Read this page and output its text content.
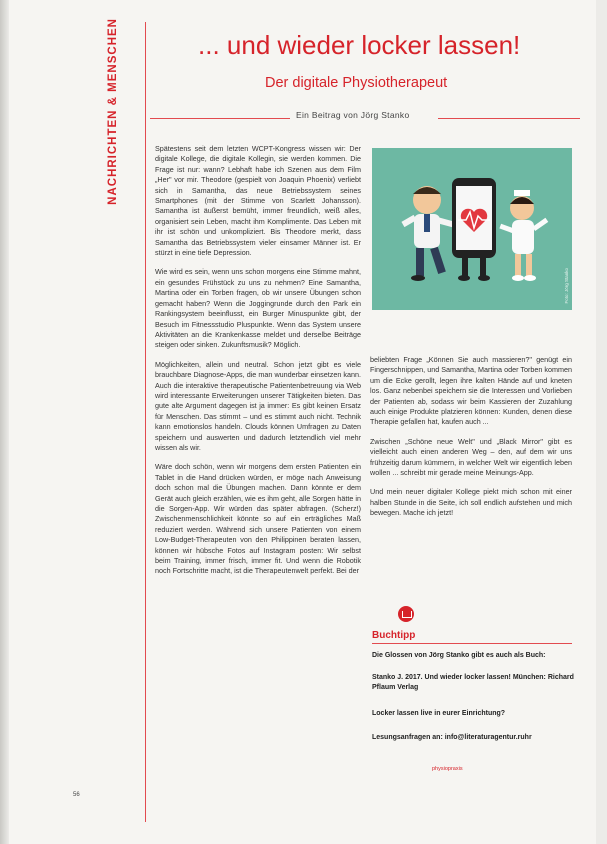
NACHRICHTEN & MENSCHEN	... und wieder locker lassen!
Der digitale Physiotherapeut
Ein Beitrag von Jörg Stanko

Spätestens seit dem letzten WCPT-Kongress wissen wir: Der digitale Kollege, die digitale Kollegin, sie werden kommen. Die Frage ist nur: wann? Lebhaft habe ich Szenen aus dem Film „Her" vor mir. Theodore (gespielt von Joaquin Phoenix) verliebt sich in Samantha, das neue Betriebssystem seines Smartphones (mit der Stimme von Scarlett Johansson). Samantha ist äußerst bemüht, immer freundlich, weiß alles, organisiert sein Leben, macht ihm Komplimente. Das Leben mit ihr ist schön und unkompliziert. Bis Theodore merkt, dass Samantha das Betriebssystem vieler einsamer Männer ist. Er stürzt in eine tiefe Depression.

Wie wird es sein, wenn uns schon morgens eine Stimme mahnt, ein gesundes Frühstück zu uns zu nehmen? Eine Samantha, Martina oder ein Torben fragen, ob wir unsere Übungen schon gemacht haben? Wenn die Joggingrunde durch den Park ein Rankingsystem beeinflusst, ein Burger Minuspunkte gibt, der Besuch im Fitnessstudio Pluspunkte. Wenn das System unsere Aktivitäten an die Krankenkasse meldet und derselbe Beiträge steigen oder sinken. Zukunftsmusik? Möglich.

Möglichkeiten, allein und neutral. Schon jetzt gibt es viele brauchbare Diagnose-Apps, die man wunderbar einsetzen kann. Auch die interaktive therapeutische Patientenbetreuung via Web wird interessante Erweiterungen unserer Tätigkeiten bieten. Das gute alte Argument dagegen ist ja immer: Es gibt keinen Ersatz für Menschen. Das stimmt – und es stimmt auch nicht. Technik kann emotionslos handeln. Clouds können Umfragen zu Daten speichern und auswerten und dadurch letztendlich viel mehr wissen als wir.

Wäre doch schön, wenn wir morgens dem ersten Patienten ein Tablet in die Hand drücken würden, er möge nach Anweisung doch schon mal die Übungen machen. Dann könnte er dem Gerät auch gleich erzählen, wie es ihm geht, alle Sorgen hätte in die Sorgen-App. Wir würden das später abfragen. (Scherz!) Zwischenmenschlichkeit könnte so auf ein erträgliches Maß reduziert werden. Während sich unsere Patienten von einem Low-Budget-Therapeuten von den Philippinen beraten lassen, können wir hübsche Fotos auf Instagram posten: Wir selbst beim Training, immer frisch, immer fit. Und wenn die Robotik noch Fortschritte macht, ist die Therapeutenwelt perfekt. Bei der

Foto: Jörg Stanko

beliebten Frage „Können Sie auch massieren?" genügt ein Fingerschnippen, und Samantha, Martina oder Torben kommen um die Ecke gerollt, legen ihre kalten Hände auf und kneten los. Ganz nebenbei speichern sie die Interessen und Vorlieben der Patienten ab, sodass wir beim Kassieren der Zuzahlung auch einige Produkte platzieren können: Kunden, denen diese Therapie gefallen hat, kaufen auch ...

Zwischen „Schöne neue Welt" und „Black Mirror" gibt es vielleicht auch einen anderen Weg – den, auf dem wir uns frühzeitig darum kümmern, in welcher Welt wir eigentlich leben wollen ... schreibt mir gerade meine Meinungs-App.

Und mein neuer digitaler Kollege piekt mich schon mit einer halben Stunde in die Seite, ich soll endlich aufstehen und mich bewegen. Mache ich jetzt!

Buchtipp
Die Glossen von Jörg Stanko gibt es auch als Buch:
Stanko J. 2017. Und wieder locker lassen! München: Richard Pflaum Verlag
Locker lassen live in eurer Einrichtung?
Lesungsanfragen an: info@literaturagentur.ruhr
56
physiopraxis
